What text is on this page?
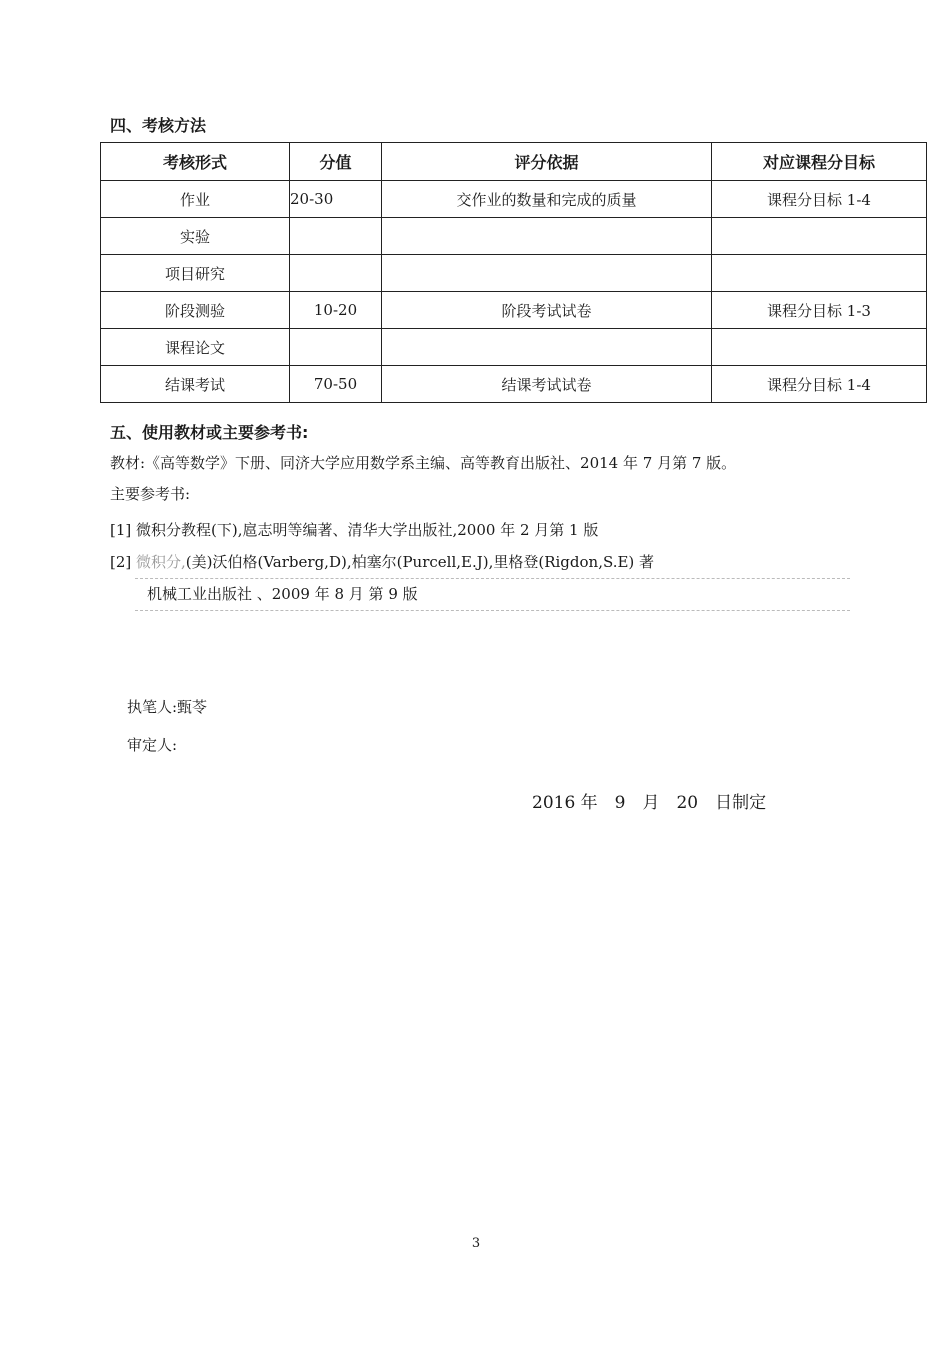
四、考核方法
考核形式	分值	评分依据	对应课程分目标
作业	20-30	交作业的数量和完成的质量	课程分目标 1-4
实验			
项目研究			
阶段测验	10-20	阶段考试试卷	课程分目标 1-3
课程论文			
结课考试	70-50	结课考试试卷	课程分目标 1-4
五、使用教材或主要参考书:
教材:《高等数学》下册、同济大学应用数学系主编、高等教育出版社、2014 年 7 月第 7 版。
主要参考书:
[1] 微积分教程(下),扈志明等编著、清华大学出版社,2000 年 2 月第 1 版
[2] 微积分,(美)沃伯格(Varberg,D),柏塞尔(Purcell,E.J),里格登(Rigdon,S.E) 著
机械工业出版社 、2009 年 8 月 第 9 版
执笔人:甄苓
审定人:
2016 年　9　月　20　日制定
3
